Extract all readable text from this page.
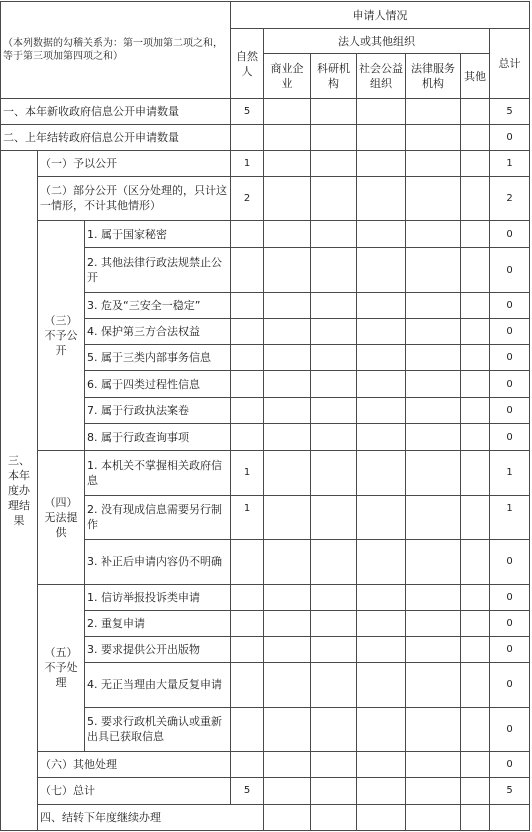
（本列数据的勾稽关系为：第一项加第二项之和，等于第三项加第四项之和）			申请人情况							
			自然人	法人或其他组织					总计	
				商业企业	科研机构	社会公益组织	法律服务机构	其他		
一、本年新收政府信息公开申请数量			5						5	
二、上年结转政府信息公开申请数量									0	
三、本年度办理结果	（一）予以公开		1						1	
	（二）部分公开（区分处理的，只计这一情形，不计其他情形）		2						2	
	（三）不予公开	1. 属于国家秘密							0	
		2. 其他法律行政法规禁止公开							0	
		3. 危及“三安全一稳定”							0	
		4. 保护第三方合法权益							0	
		5. 属于三类内部事务信息							0	
		6. 属于四类过程性信息							0	
		7. 属于行政执法案卷							0	
		8. 属于行政查询事项							0	
	（四）无法提供	1. 本机关不掌握相关政府信息	1						1	
		2. 没有现成信息需要另行制作	1						1	
		3. 补正后申请内容仍不明确							0	
	（五）不予处理	1. 信访举报投诉类申请							0	
		2. 重复申请							0	
		3. 要求提供公开出版物							0	
		4. 无正当理由大量反复申请							0	
		5. 要求行政机关确认或重新出具已获取信息							0	
	（六）其他处理								0	
	（七）总计		5						5	
	四、结转下年度继续办理							
